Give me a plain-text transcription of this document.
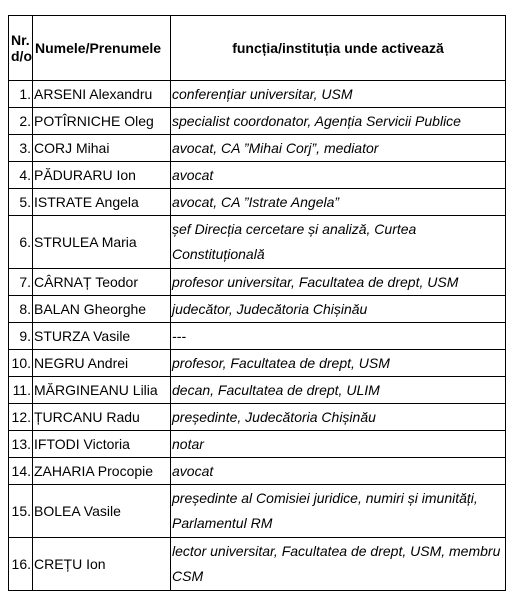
Nr. d/o	Numele/Prenumele	funcția/instituția unde activează
1.	ARSENI Alexandru	conferențiar universitar, USM
2.	POTÎRNICHE Oleg	specialist coordonator, Agenția Servicii Publice
3.	CORJ Mihai	avocat, CA ”Mihai Corj”, mediator
4.	PĂDURARU Ion	avocat
5.	ISTRATE Angela	avocat, CA ”Istrate Angela”
6.	STRULEA Maria	șef Direcția cercetare și analiză, Curtea Constituțională
7.	CÂRNAȚ Teodor	profesor universitar, Facultatea de drept, USM
8.	BALAN Gheorghe	judecător, Judecătoria Chișinău
9.	STURZA Vasile	---
10.	NEGRU Andrei	profesor, Facultatea de drept, USM
11.	MĂRGINEANU Lilia	decan, Facultatea de drept, ULIM
12.	ȚURCANU Radu	președinte, Judecătoria Chișinău
13.	IFTODI Victoria	notar
14.	ZAHARIA Procopie	avocat
15.	BOLEA Vasile	președinte al Comisiei juridice, numiri și imunități, Parlamentul RM
16.	CREȚU Ion	lector universitar, Facultatea de drept, USM, membru CSM
